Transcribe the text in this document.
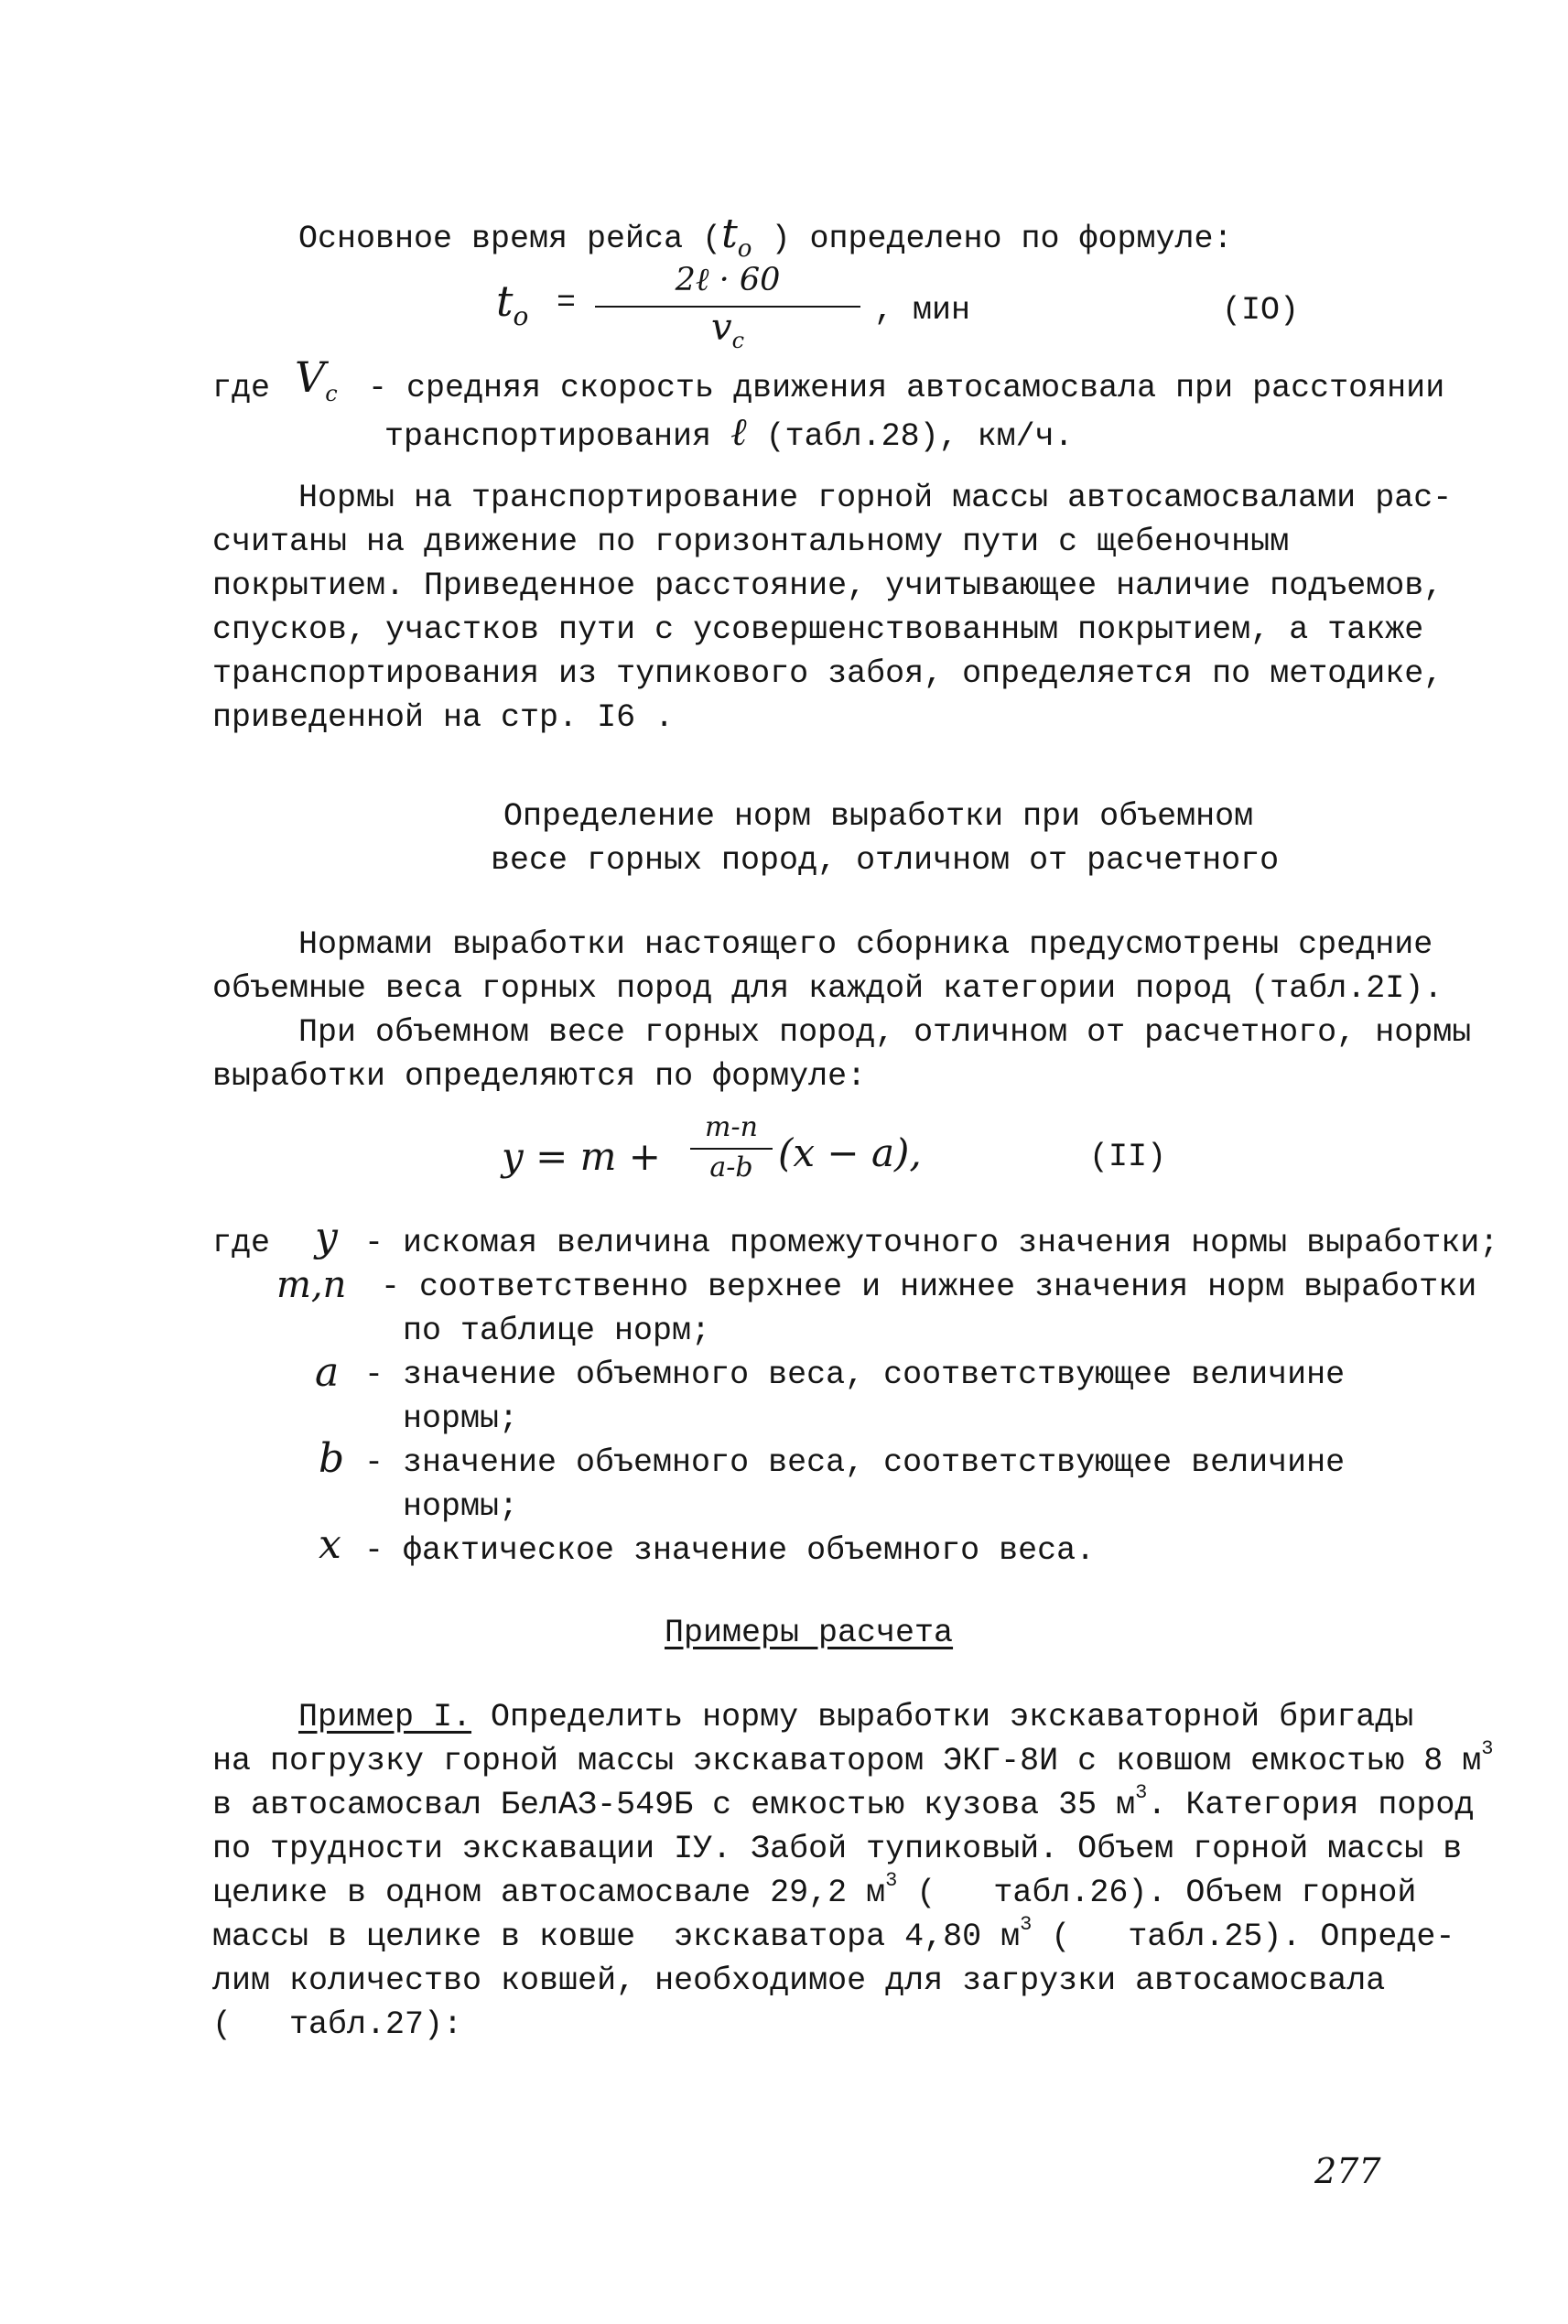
Основное время рейса ($t_o$ ) определено по формуле:
$t_o$ =
2ℓ · 60
$v_c$
, мин	(IO)
где $V_c$ - средняя скорость движения автосамосвала при расстоянии
транспортирования ℓ (табл.28), км/ч.
Нормы на транспортирование горной массы автосамосвалами рас-
считаны на движение по горизонтальному пути с щебеночным
покрытием. Приведенное расстояние, учитывающее наличие подъемов,
спусков, участков пути с усовершенствованным покрытием, а также
транспортирования из тупикового забоя, определяется по методике,
приведенной на стр. I6 .
Определение норм выработки при объемном
весе горных пород, отличном от расчетного
Нормами выработки настоящего сборника предусмотрены средние
объемные веса горных пород для каждой категории пород (табл.2I).
При объемном весе горных пород, отличном от расчетного, нормы
выработки определяются по формуле:
y = m +
m-n
a-b (x − a),	(II)
где y - искомая величина промежуточного значения нормы выработки;
m,n - соответственно верхнее и нижнее значения норм выработки
по таблице норм;
a - значение объемного веса, соответствующее величине
нормы;
b - значение объемного веса, соответствующее величине
нормы;
x - фактическое значение объемного веса.
Примеры расчета
Пример I. Определить норму выработки экскаваторной бригады
на погрузку горной массы экскаватором ЭКГ-8И с ковшом емкостью 8 $м^3$
в автосамосвал БелАЗ-549Б с емкостью кузова 35 $м^3$. Категория пород
по трудности экскавации IУ. Забой тупиковый. Объем горной массы в
целике в одном автосамосвале 29,2 $м^3$ (   табл.26). Объем горной
массы в целике в ковше  экскаватора 4,80 $м^3$ (   табл.25). Опреде-
лим количество ковшей, необходимое для загрузки автосамосвала
(   табл.27):
277
